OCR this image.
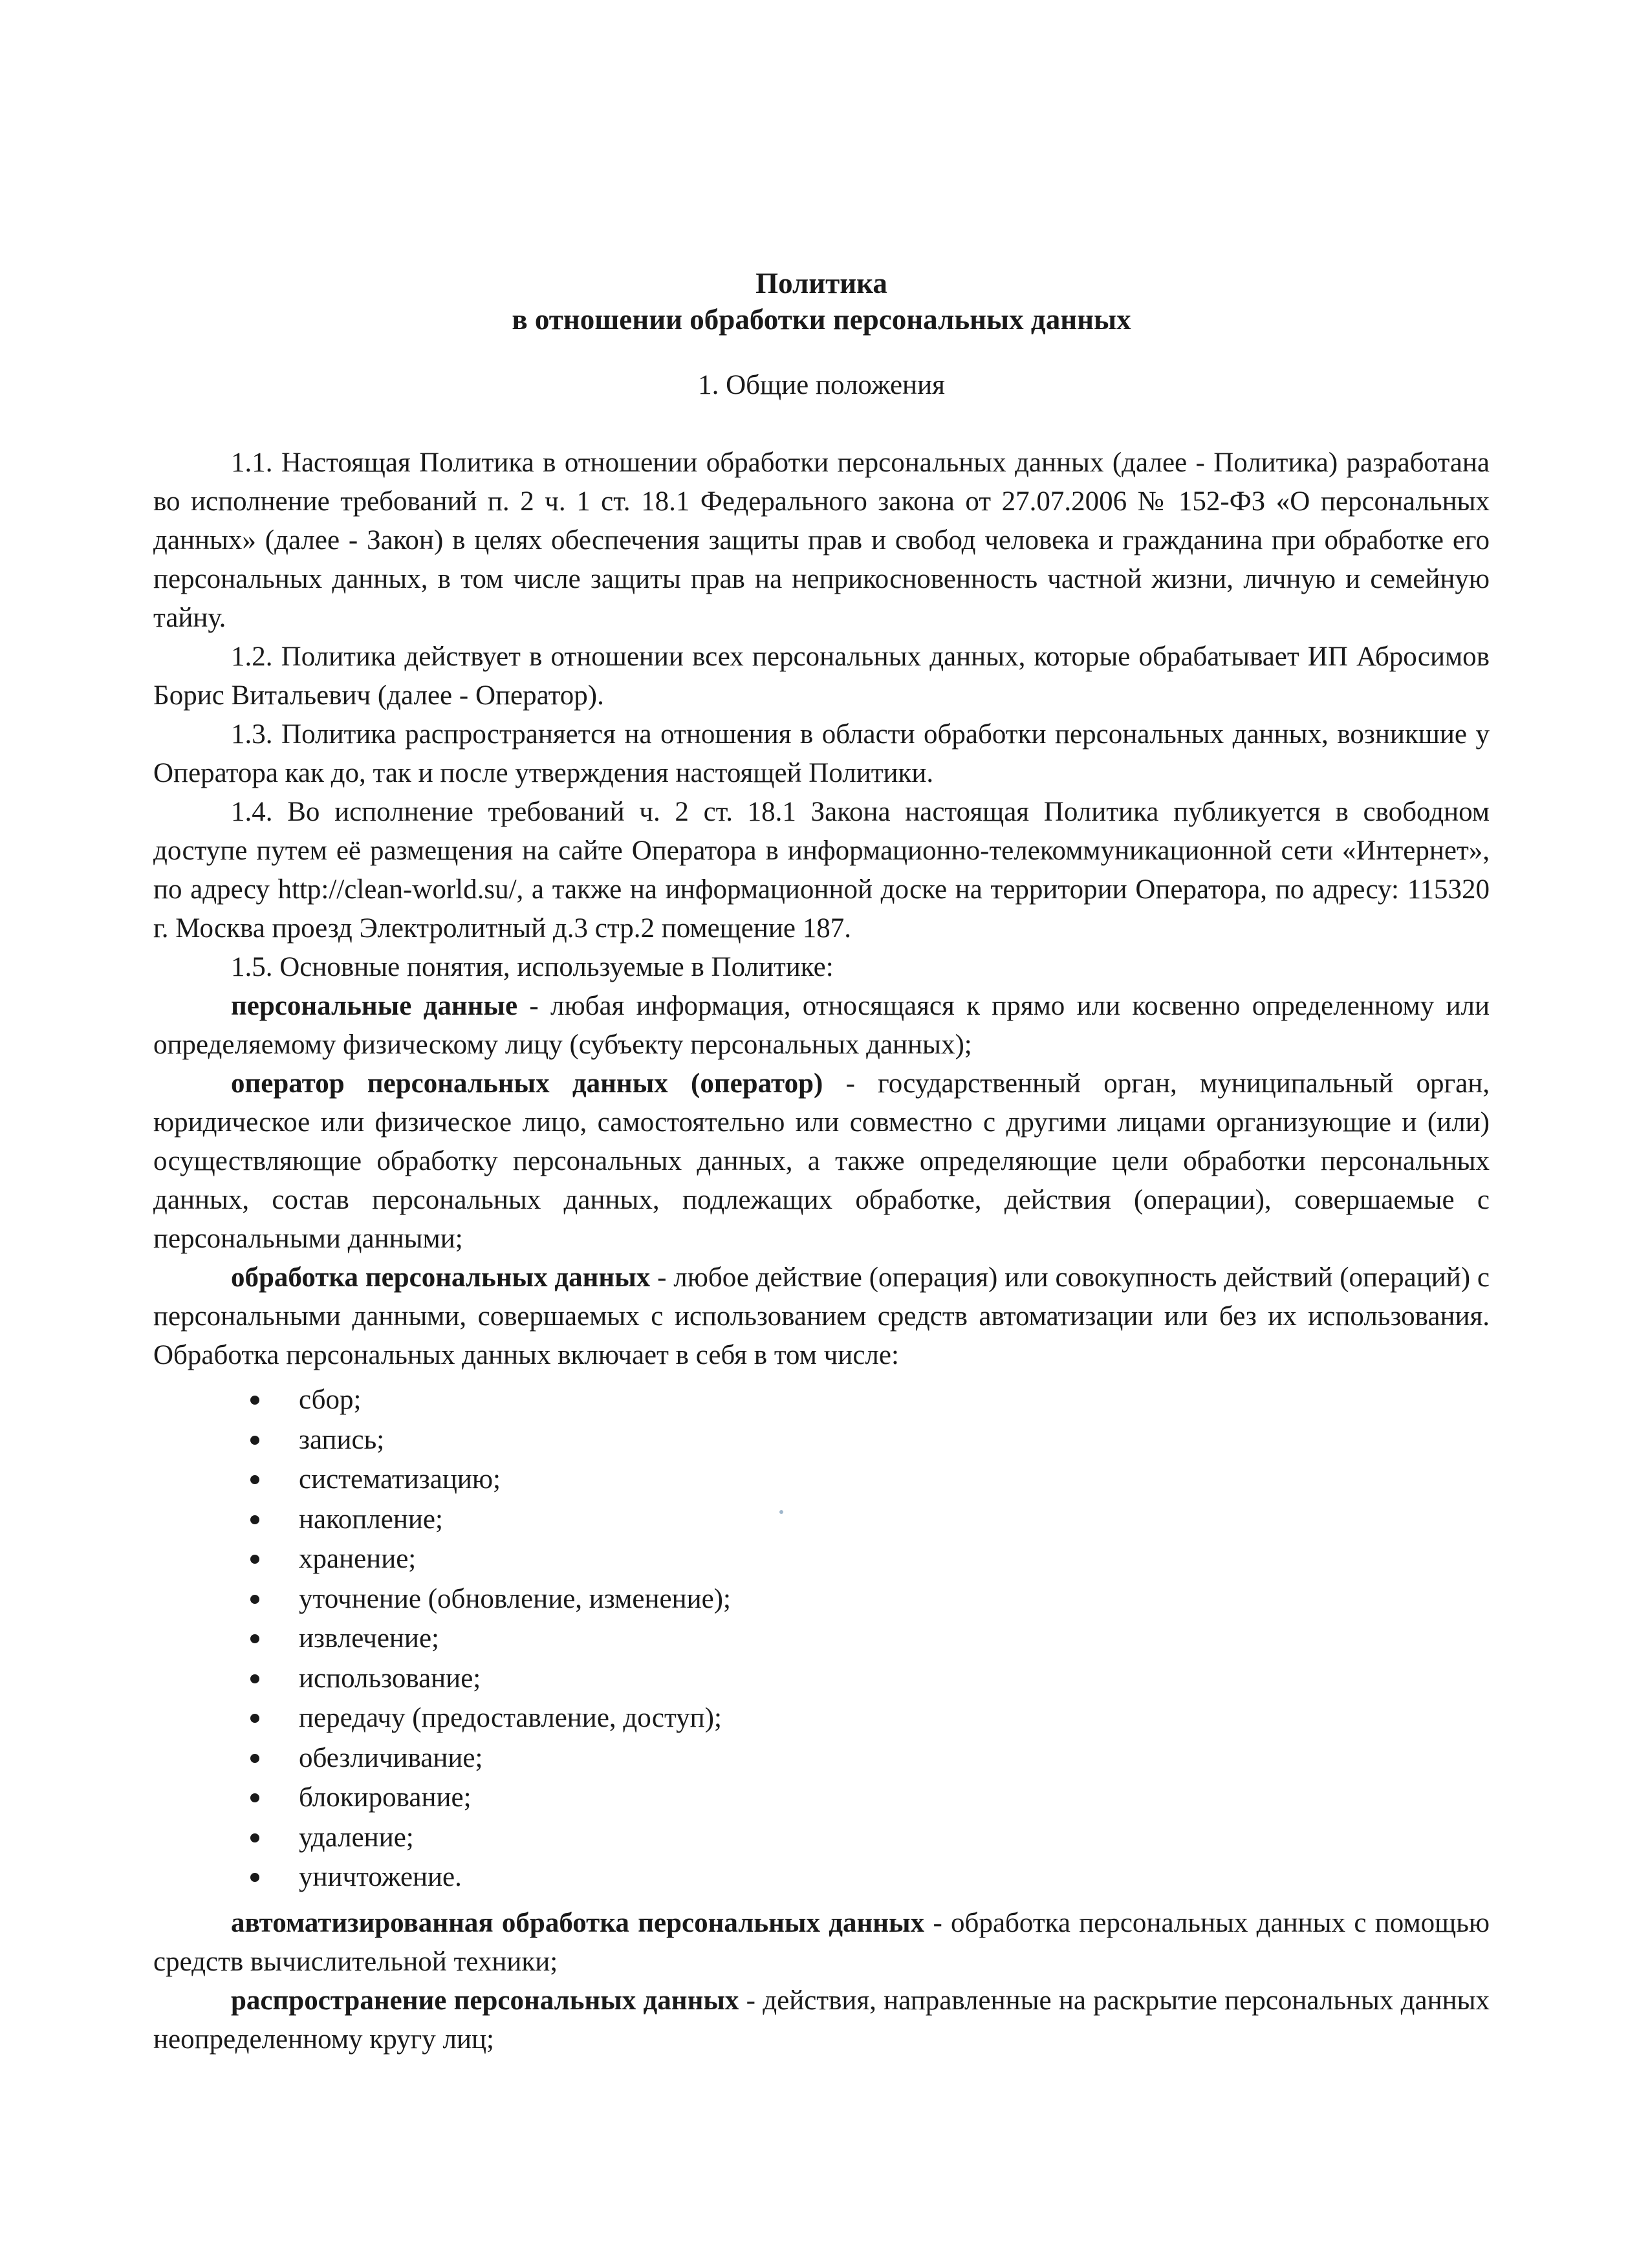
Политика

в отношении обработки персональных данных

1. Общие положения

1.1. Настоящая Политика в отношении обработки персональных данных (далее - Политика) разработана во исполнение требований п. 2 ч. 1 ст. 18.1 Федерального закона от 27.07.2006 № 152-ФЗ «О персональных данных» (далее - Закон) в целях обеспечения защиты прав и свобод человека и гражданина при обработке его персональных данных, в том числе защиты прав на неприкосновенность частной жизни, личную и семейную тайну.

1.2. Политика действует в отношении всех персональных данных, которые обрабатывает ИП Абросимов Борис Витальевич (далее - Оператор).

1.3. Политика распространяется на отношения в области обработки персональных данных, возникшие у Оператора как до, так и после утверждения настоящей Политики.

1.4. Во исполнение требований ч. 2 ст. 18.1 Закона настоящая Политика публикуется в свободном доступе путем её размещения на сайте Оператора в информационно-телекоммуникационной сети «Интернет», по адресу http://clean-world.su/, а также на информационной доске на территории Оператора, по адресу: 115320 г. Москва проезд Электролитный д.3 стр.2 помещение 187.

1.5. Основные понятия, используемые в Политике:

персональные данные - любая информация, относящаяся к прямо или косвенно определенному или определяемому физическому лицу (субъекту персональных данных);

оператор персональных данных (оператор) - государственный орган, муниципальный орган, юридическое или физическое лицо, самостоятельно или совместно с другими лицами организующие и (или) осуществляющие обработку персональных данных, а также определяющие цели обработки персональных данных, состав персональных данных, подлежащих обработке, действия (операции), совершаемые с персональными данными;

обработка персональных данных - любое действие (операция) или совокупность действий (операций) с персональными данными, совершаемых с использованием средств автоматизации или без их использования. Обработка персональных данных включает в себя в том числе:

сбор;
запись;
систематизацию;
накопление;
хранение;
уточнение (обновление, изменение);
извлечение;
использование;
передачу (предоставление, доступ);
обезличивание;
блокирование;
удаление;
уничтожение.

автоматизированная обработка персональных данных - обработка персональных данных с помощью средств вычислительной техники;

распространение персональных данных - действия, направленные на раскрытие персональных данных неопределенному кругу лиц;
